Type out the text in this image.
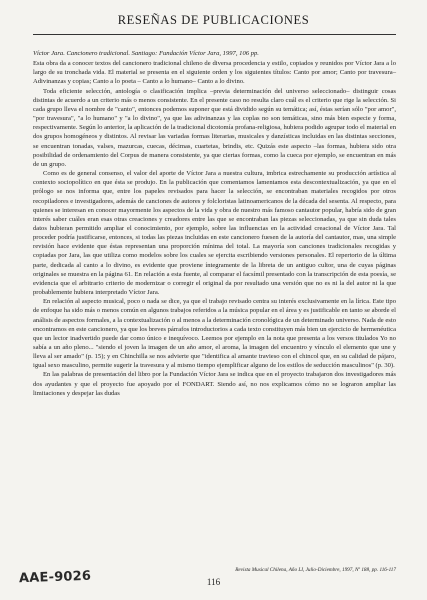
RESEÑAS DE PUBLICACIONES

Víctor Jara. Cancionero tradicional. Santiago: Fundación Víctor Jara, 1997, 106 pp.

Esta obra da a conocer textos del cancionero tradicional chileno de diversa procedencia y estilo, copiados y reunidos por Víctor Jara a lo largo de su tronchada vida. El material se presenta en el siguiente orden y los siguientes títulos: Canto por amor; Canto por travesura– Adivinanzas y copias; Canto a lo poeta – Canto a lo humano– Canto a lo divino.

Toda eficiente selección, antología o clasificación implica –previa determinación del universo seleccionado– distinguir cosas distintas de acuerdo a un criterio más o menos consistente. En el presente caso no resulta claro cuál es el criterio que rige la selección. Si cada grupo lleva el nombre de "canto", entonces podemos suponer que está dividido según su temática; así, éstas serían sólo "por amor", "por travesura", "a lo humano" y "a lo divino", ya que las adivinanzas y las coplas no son temáticas, sino más bien especie y forma, respectivamente. Según lo anterior, la aplicación de la tradicional dicotomía profana-religiosa, hubiera podido agrupar todo el material en dos grupos homogéneos y distintos. Al revisar las variadas formas literarias, musicales y danzísticas incluidas en las distintas secciones, se encuentran tonadas, valses, mazurcas, cuecas, décimas, cuartetas, brindis, etc. Quizás este aspecto –las formas, hubiera sido otra posibilidad de ordenamiento del Corpus de manera consistente, ya que ciertas formas, como la cueca por ejemplo, se encuentran en más de un grupo.

Como es de general consenso, el valor del aporte de Víctor Jara a nuestra cultura, imbrica estrechamente su producción artística al contexto sociopolítico en que ésta se produjo. En la publicación que comentamos lamentamos esta descontextualización, ya que en el prólogo se nos informa que, entre los papeles revisados para hacer la selección, se encontraban materiales recogidos por otros recopiladores e investigadores, además de canciones de autores y folcloristas latinoamericanos de la década del sesenta. Al respecto, para quienes se interesan en conocer mayormente los aspectos de la vida y obra de nuestro más famoso cantautor popular, habría sido de gran interés saber cuáles eran esas otras creaciones y creadores entre las que se encontraban las piezas seleccionadas, ya que sin duda tales datos hubieran permitido ampliar el conocimiento, por ejemplo, sobre las influencias en la actividad creacional de Víctor Jara. Tal proceder podría justificarse, entonces, si todas las piezas incluidas en este cancionero fuesen de la autoría del cantautor, mas, una simple revisión hace evidente que éstas representan una proporción mínima del total. La mayoría son canciones tradicionales recogidas y copiadas por Jara, las que utiliza como modelos sobre los cuales se ejercita escribiendo versiones personales. El repertorio de la última parte, dedicada al canto a lo divino, es evidente que proviene íntegramente de la libreta de un antiguo cultor, una de cuyas páginas originales se muestra en la página 61. En relación a esta fuente, al comparar el facsímil presentado con la transcripción de esta poesía, se evidencia que el arbitrario criterio de modernizar o corregir el original da por resultado una versión que no es ni la del autor ni la que probablemente hubiera interpretado Víctor Jara.

En relación al aspecto musical, poco o nada se dice, ya que el trabajo revisado centra su interés exclusivamente en la lírica. Este tipo de enfoque ha sido más o menos común en algunos trabajos referidos a la música popular en el área y es justificable en tanto se aborde el análisis de aspectos formales, a la contextualización o al menos a la determinación cronológica de un determinado universo. Nada de esto encontramos en este cancionero, ya que los breves párrafos introductorios a cada texto constituyen más bien un ejercicio de hermenéutica que un lector inadvertido puede dar como único e inequívoco. Leemos por ejemplo en la nota que presenta a los versos titulados Yo no sabía a un año pleno... "siendo el joven la imagen de un año amor, el aroma, la imagen del encuentro y vínculo el elemento que une y lleva al ser amado" (p. 15); y en Chinchilla se nos advierte que "identifica al amante travieso con el chincol que, en su calidad de pájaro, igual sexo masculino, permite sugerir la travesura y al mismo tiempo ejemplificar alguno de los estilos de seducción masculinos" (p. 30).

En las palabras de presentación del libro por la Fundación Víctor Jara se indica que en el proyecto trabajaron dos investigadores más dos ayudantes y que el proyecto fue apoyado por el FONDART. Siendo así, no nos explicamos cómo no se lograron ampliar las limitaciones y despejar las dudas

Revista Musical Chilena, Año LI, Julio-Diciembre, 1997, Nº 188, pp. 116-117
116
AAE-9026
